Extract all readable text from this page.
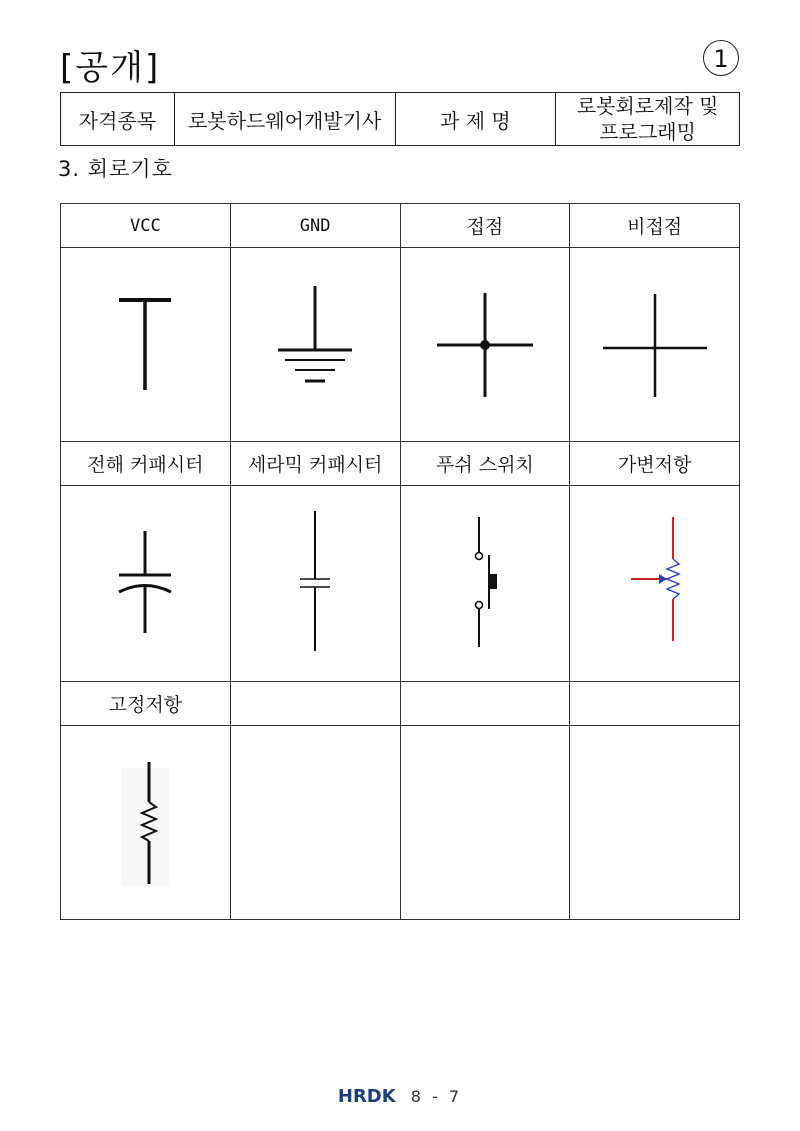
[공개]	1
자격종목	로봇하드웨어개발기사	과 제 명	로봇회로제작 및
프로그래밍
3. 회로기호
VCC	GND	접점	비접점

전해 커패시터	세라믹 커패시터	푸쉬 스위치	가변저항

고정저항			

HRDK 8 - 7
